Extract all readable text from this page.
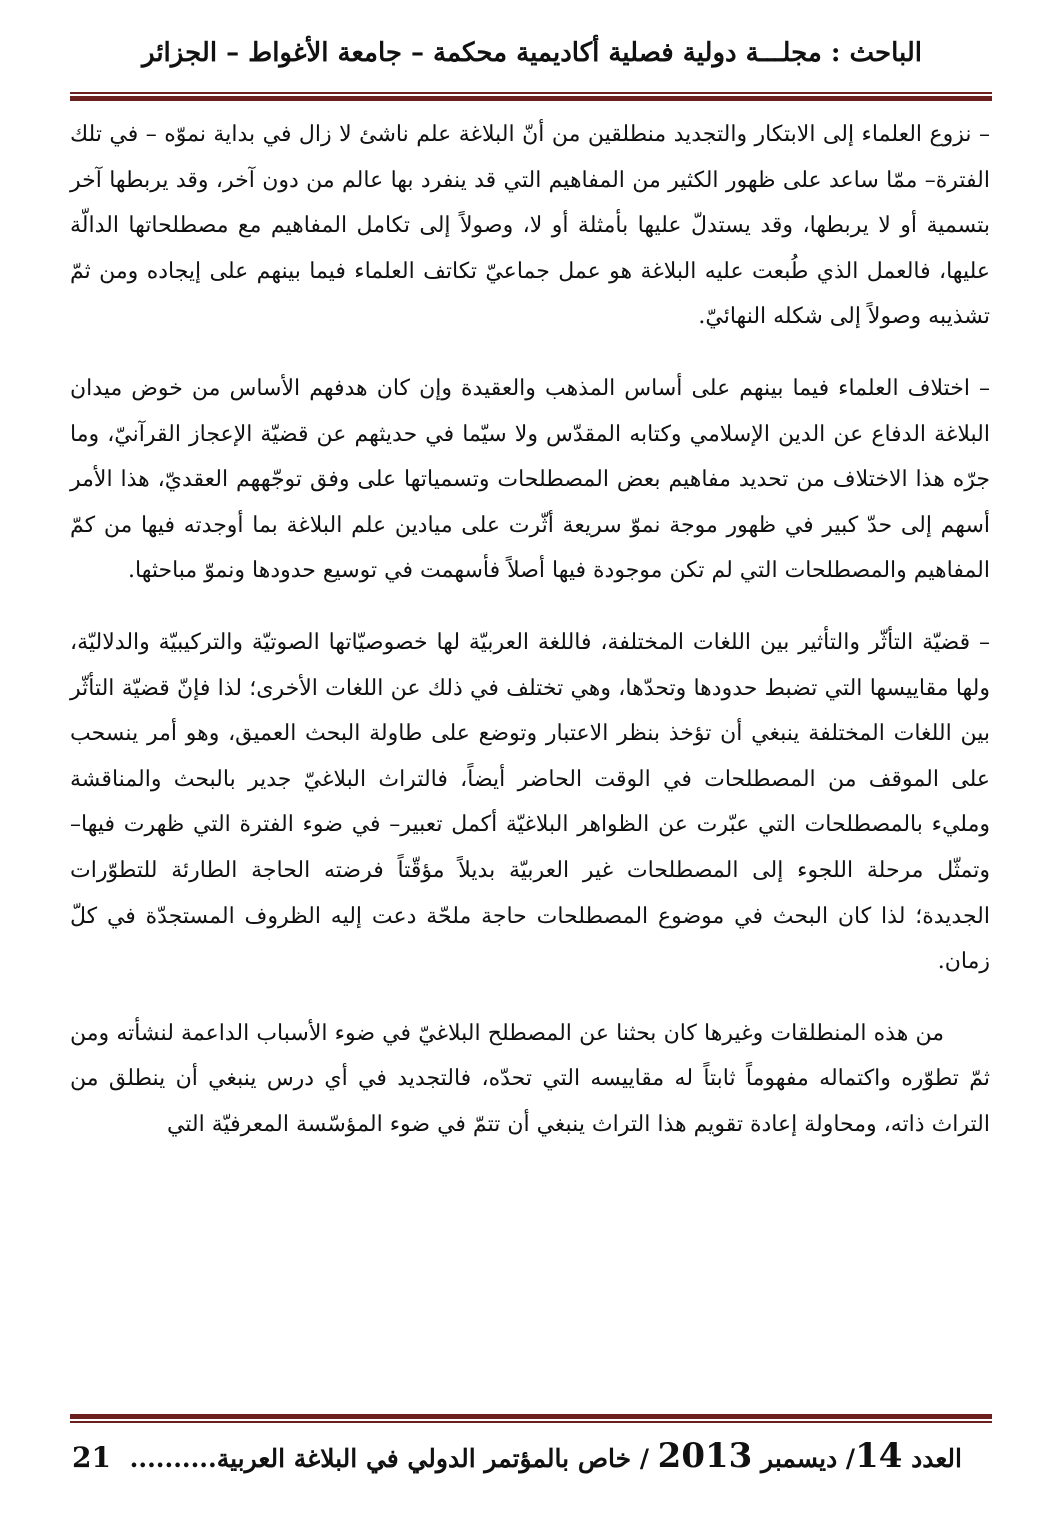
الباحث : مجلـــة دولية فصلية أكاديمية محكمة – جامعة الأغواط – الجزائر

– نزوع العلماء إلى الابتكار والتجديد منطلقين من أنّ البلاغة علم ناشئ لا زال في بداية نموّه – في تلك الفترة– ممّا ساعد على ظهور الكثير من المفاهيم التي قد ينفرد بها عالم من دون آخر، وقد يربطها آخر بتسمية أو لا يربطها، وقد يستدلّ عليها بأمثلة أو لا، وصولاً إلى تكامل المفاهيم مع مصطلحاتها الدالّة عليها، فالعمل الذي طُبعت عليه البلاغة هو عمل جماعيّ تكاتف العلماء فيما بينهم على إيجاده ومن ثمّ تشذيبه وصولاً إلى شكله النهائيّ.

– اختلاف العلماء فيما بينهم على أساس المذهب والعقيدة وإن كان هدفهم الأساس من خوض ميدان البلاغة الدفاع عن الدين الإسلامي وكتابه المقدّس ولا سيّما في حديثهم عن قضيّة الإعجاز القرآنيّ، وما جرّه هذا الاختلاف من تحديد مفاهيم بعض المصطلحات وتسمياتها على وفق توجّههم العقديّ، هذا الأمر أسهم إلى حدّ كبير في ظهور موجة نموّ سريعة أثّرت على ميادين علم البلاغة بما أوجدته فيها من كمّ المفاهيم والمصطلحات التي لم تكن موجودة فيها أصلاً فأسهمت في توسيع حدودها ونموّ مباحثها.

– قضيّة التأثّر والتأثير بين اللغات المختلفة، فاللغة العربيّة لها خصوصيّاتها الصوتيّة والتركيبيّة والدلاليّة، ولها مقاييسها التي تضبط حدودها وتحدّها، وهي تختلف في ذلك عن اللغات الأخرى؛ لذا فإنّ قضيّة التأثّر بين اللغات المختلفة ينبغي أن تؤخذ بنظر الاعتبار وتوضع على طاولة البحث العميق، وهو أمر ينسحب على الموقف من المصطلحات في الوقت الحاضر أيضاً، فالتراث البلاغيّ جدير بالبحث والمناقشة ومليء بالمصطلحات التي عبّرت عن الظواهر البلاغيّة أكمل تعبير– في ضوء الفترة التي ظهرت فيها– وتمثّل مرحلة اللجوء إلى المصطلحات غير العربيّة بديلاً مؤقّتاً فرضته الحاجة الطارئة للتطوّرات الجديدة؛ لذا كان البحث في موضوع المصطلحات حاجة ملحّة دعت إليه الظروف المستجدّة في كلّ زمان.

من هذه المنطلقات وغيرها كان بحثنا عن المصطلح البلاغيّ في ضوء الأسباب الداعمة لنشأته ومن ثمّ تطوّره واكتماله مفهوماً ثابتاً له مقاييسه التي تحدّه، فالتجديد في أي درس ينبغي أن ينطلق من التراث ذاته، ومحاولة إعادة تقويم هذا التراث ينبغي أن تتمّ في ضوء المؤسّسة المعرفيّة التي

العدد 14/ ديسمبر 2013 / خاص بالمؤتمر الدولي في البلاغة العربية.......... 21
